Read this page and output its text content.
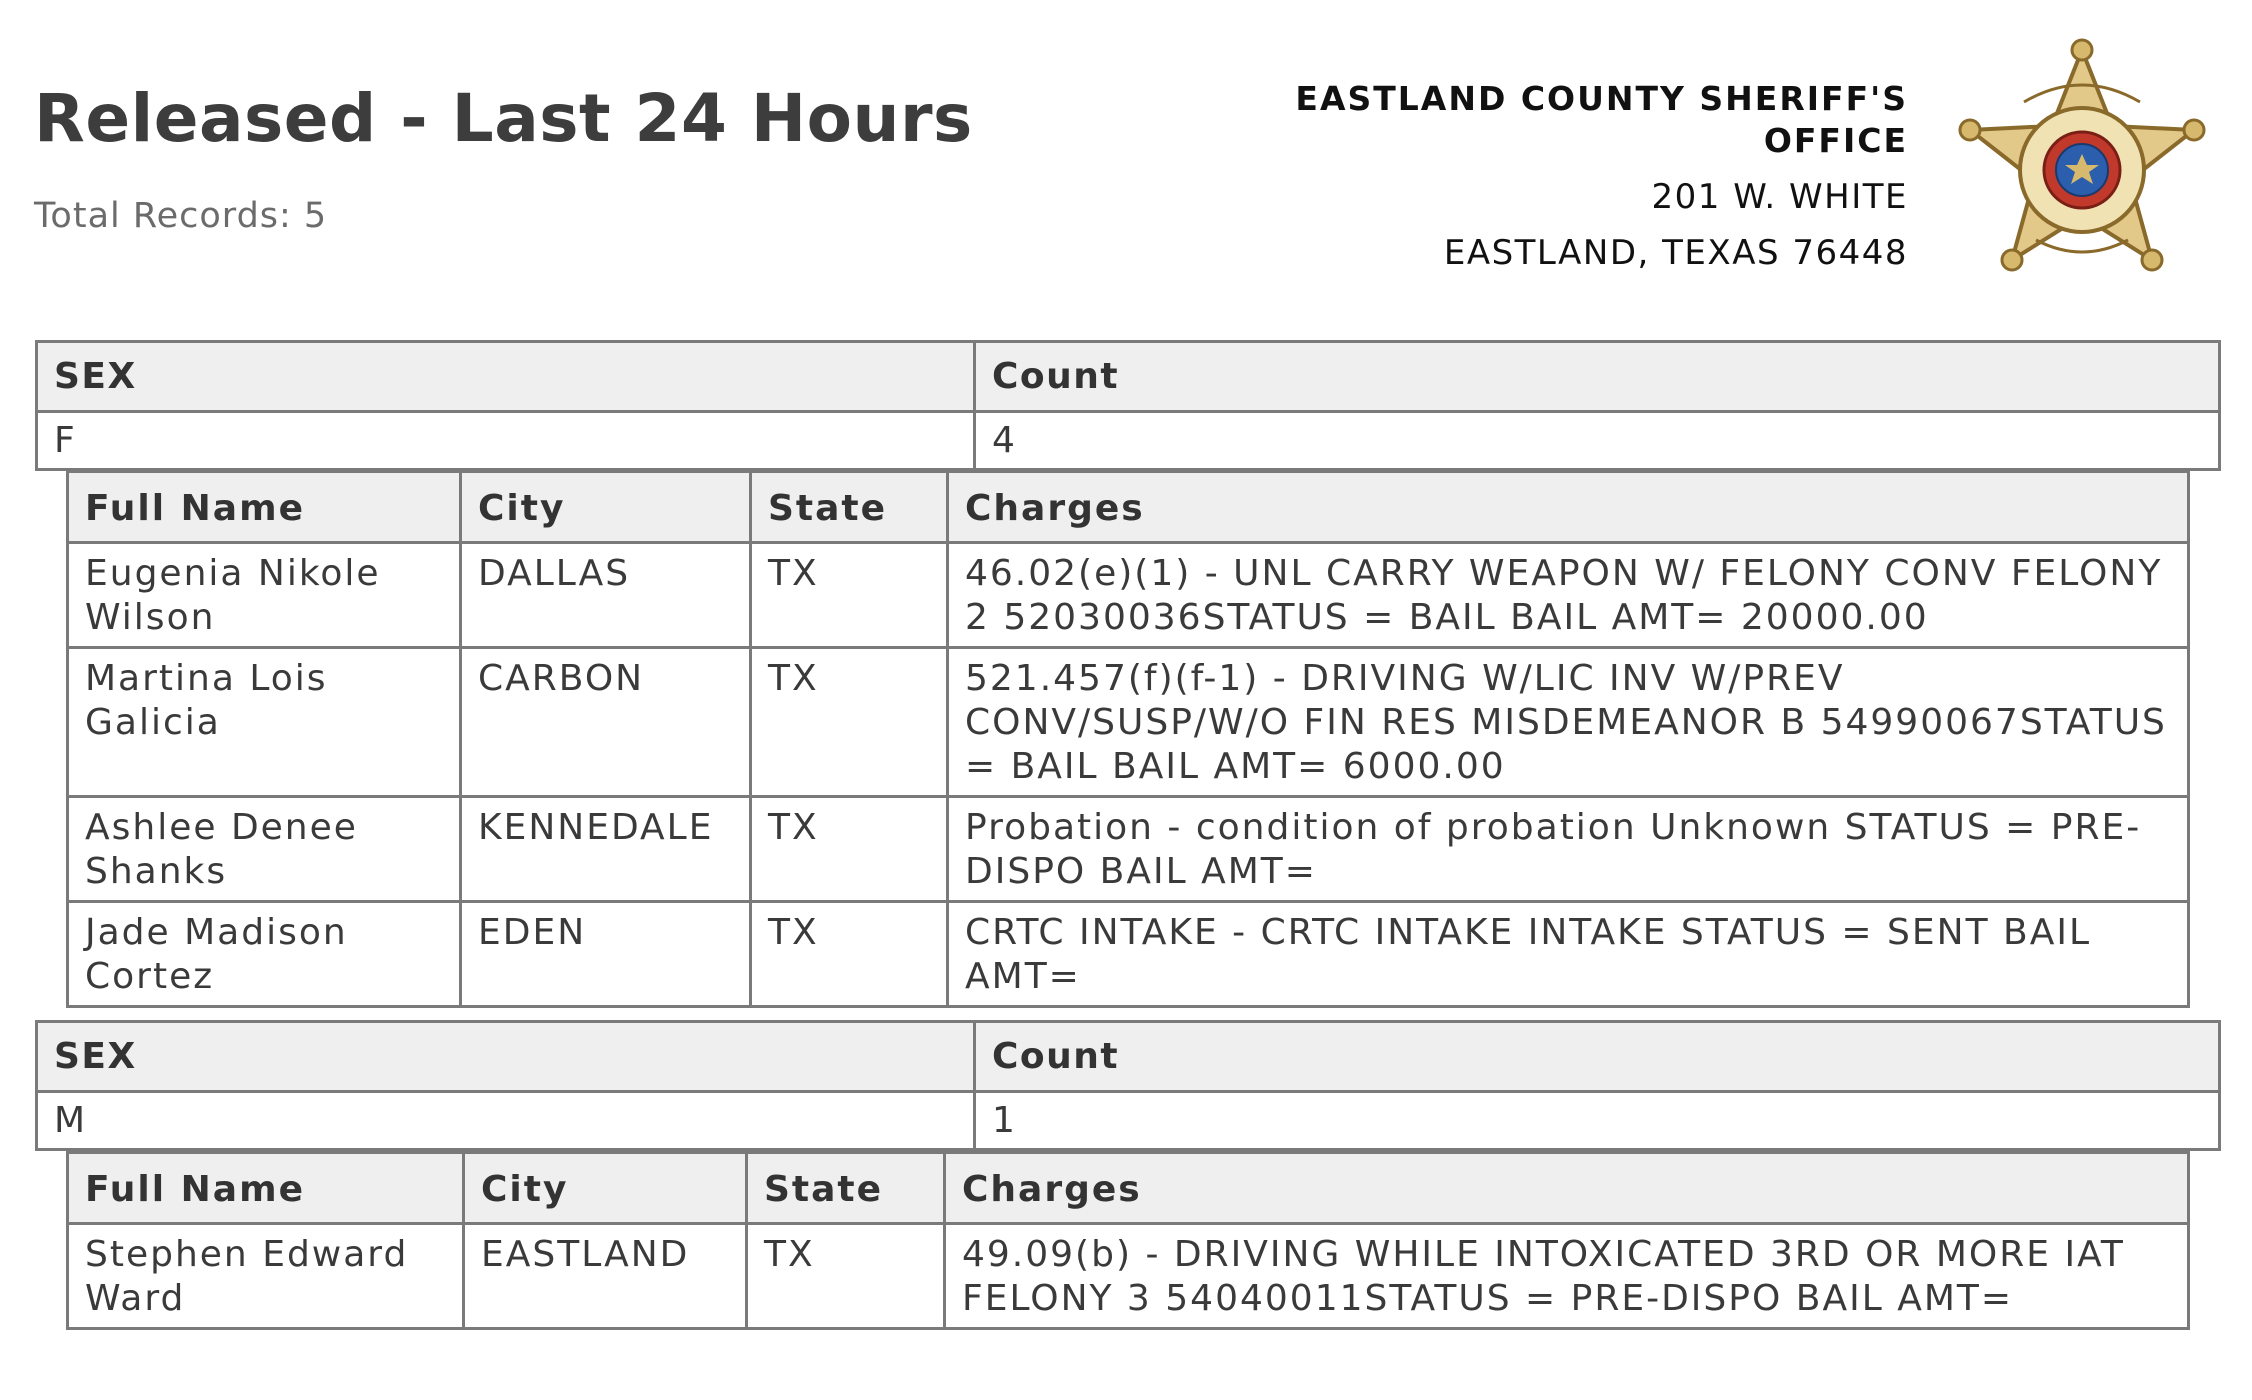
Released - Last 24 Hours
Total Records: 5
EASTLAND COUNTY SHERIFF'S
OFFICE
201 W. WHITE
EASTLAND, TEXAS 76448
SEX	Count
F	4
Full Name	City	State	Charges
Eugenia Nikole Wilson	DALLAS	TX	46.02(e)(1) - UNL CARRY WEAPON W/ FELONY CONV FELONY 2 52030036STATUS = BAIL BAIL AMT= 20000.00
Martina Lois Galicia	CARBON	TX	521.457(f)(f-1) - DRIVING W/LIC INV W/PREV CONV/SUSP/W/O FIN RES MISDEMEANOR B 54990067STATUS = BAIL BAIL AMT= 6000.00
Ashlee Denee Shanks	KENNEDALE	TX	Probation - condition of probation Unknown STATUS = PRE-DISPO BAIL AMT=
Jade Madison Cortez	EDEN	TX	CRTC INTAKE - CRTC INTAKE INTAKE STATUS = SENT BAIL AMT=
SEX	Count
M	1
Full Name	City	State	Charges
Stephen Edward Ward	EASTLAND	TX	49.09(b) - DRIVING WHILE INTOXICATED 3RD OR MORE IAT FELONY 3 54040011STATUS = PRE-DISPO BAIL AMT=
